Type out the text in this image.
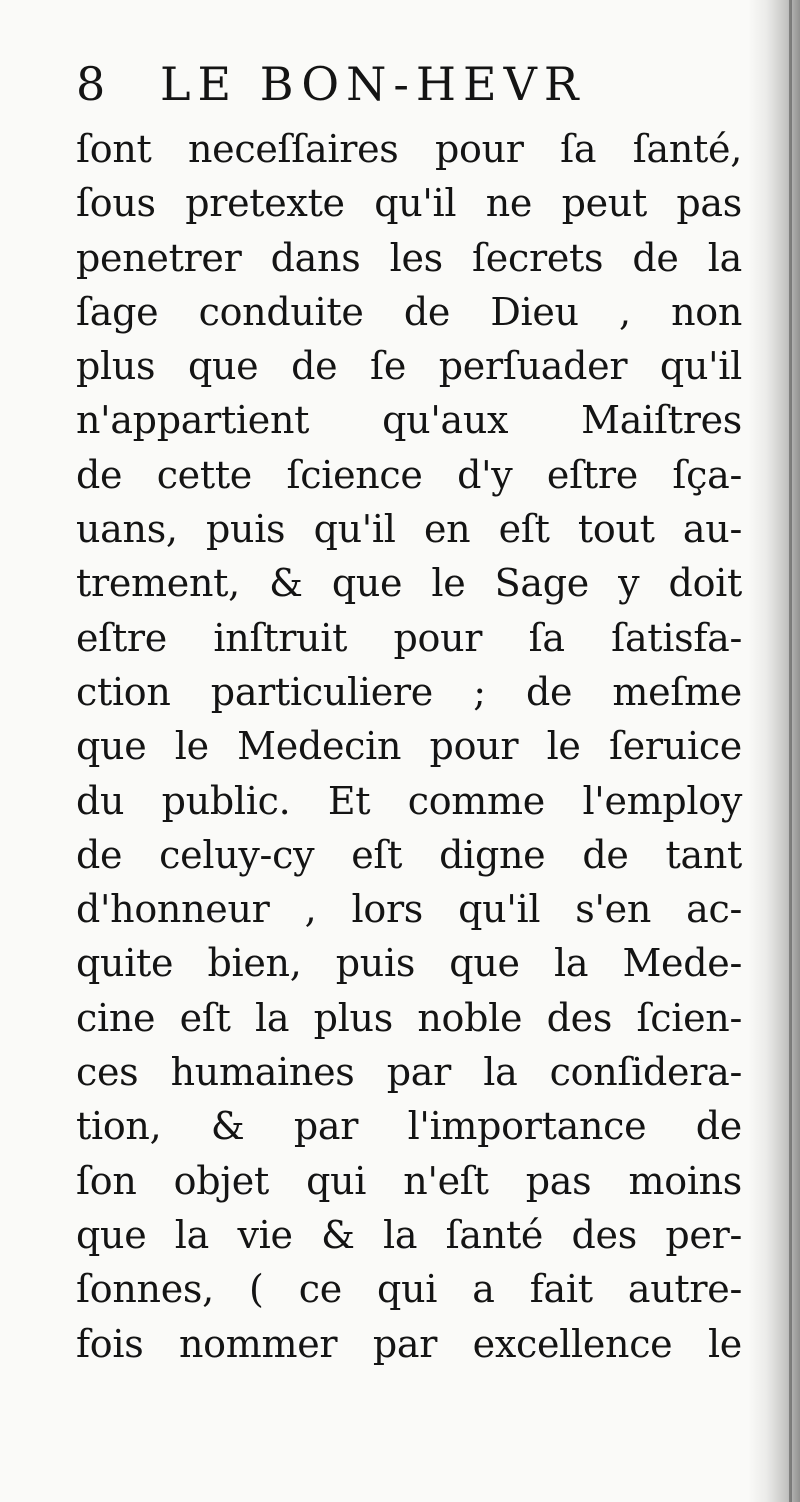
8 LE BON-HEVR
ſont neceſſaires pour ſa ſanté,
ſous pretexte qu'il ne peut pas
penetrer dans les ſecrets de la
ſage conduite de Dieu , non
plus que de ſe perſuader qu'il
n'appartient qu'aux Maiſtres
de cette ſcience d'y eſtre ſça-
uans, puis qu'il en eſt tout au-
trement, & que le Sage y doit
eſtre inſtruit pour ſa ſatisfa-
ction particuliere ; de meſme
que le Medecin pour le ſeruice
du public. Et comme l'employ
de celuy-cy eſt digne de tant
d'honneur , lors qu'il s'en ac-
quite bien, puis que la Mede-
cine eſt la plus noble des ſcien-
ces humaines par la conſidera-
tion, & par l'importance de
ſon objet qui n'eſt pas moins
que la vie & la ſanté des per-
ſonnes, ( ce qui a fait autre-
fois nommer par excellence le
